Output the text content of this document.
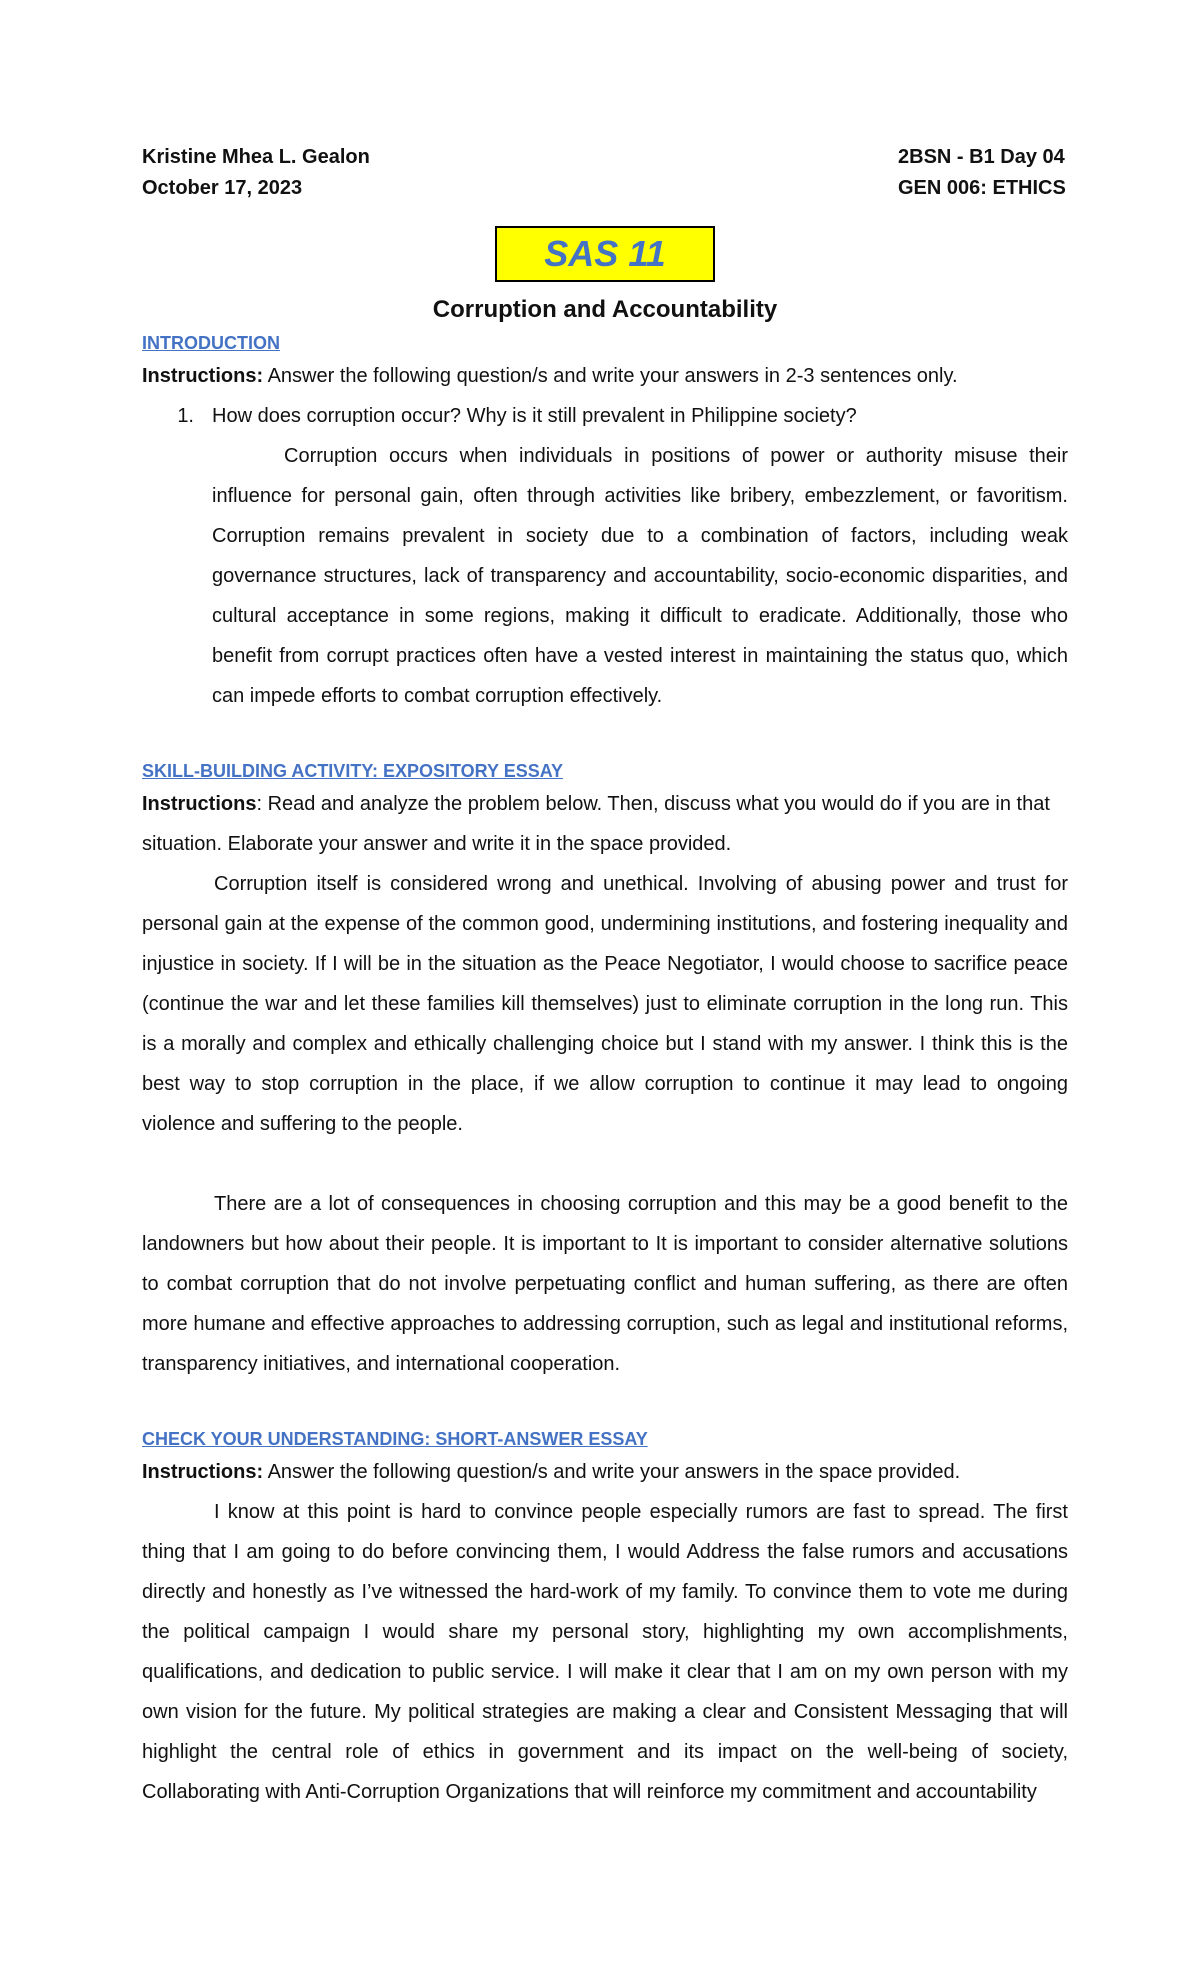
Kristine Mhea L. Gealon	2BSN - B1 Day 04
October 17, 2023	GEN 006: ETHICS
SAS 11
Corruption and Accountability
INTRODUCTION

Instructions: Answer the following question/s and write your answers in 2-3 sentences only.

1. How does corruption occur? Why is it still prevalent in Philippine society?

Corruption occurs when individuals in positions of power or authority misuse their influence for personal gain, often through activities like bribery, embezzlement, or favoritism. Corruption remains prevalent in society due to a combination of factors, including weak governance structures, lack of transparency and accountability, socio-economic disparities, and cultural acceptance in some regions, making it difficult to eradicate. Additionally, those who benefit from corrupt practices often have a vested interest in maintaining the status quo, which can impede efforts to combat corruption effectively.

SKILL-BUILDING ACTIVITY: EXPOSITORY ESSAY

Instructions: Read and analyze the problem below. Then, discuss what you would do if you are in that situation. Elaborate your answer and write it in the space provided.

Corruption itself is considered wrong and unethical. Involving of abusing power and trust for personal gain at the expense of the common good, undermining institutions, and fostering inequality and injustice in society. If I will be in the situation as the Peace Negotiator, I would choose to sacrifice peace (continue the war and let these families kill themselves) just to eliminate corruption in the long run. This is a morally and complex and ethically challenging choice but I stand with my answer. I think this is the best way to stop corruption in the place, if we allow corruption to continue it may lead to ongoing violence and suffering to the people.

There are a lot of consequences in choosing corruption and this may be a good benefit to the landowners but how about their people. It is important to It is important to consider alternative solutions to combat corruption that do not involve perpetuating conflict and human suffering, as there are often more humane and effective approaches to addressing corruption, such as legal and institutional reforms, transparency initiatives, and international cooperation.

CHECK YOUR UNDERSTANDING: SHORT-ANSWER ESSAY

Instructions: Answer the following question/s and write your answers in the space provided.

I know at this point is hard to convince people especially rumors are fast to spread. The first thing that I am going to do before convincing them, I would Address the false rumors and accusations directly and honestly as I’ve witnessed the hard-work of my family. To convince them to vote me during the political campaign I would share my personal story, highlighting my own accomplishments, qualifications, and dedication to public service. I will make it clear that I am on my own person with my own vision for the future. My political strategies are making a clear and Consistent Messaging that will highlight the central role of ethics in government and its impact on the well-being of society, Collaborating with Anti-Corruption Organizations that will reinforce my commitment and accountability
